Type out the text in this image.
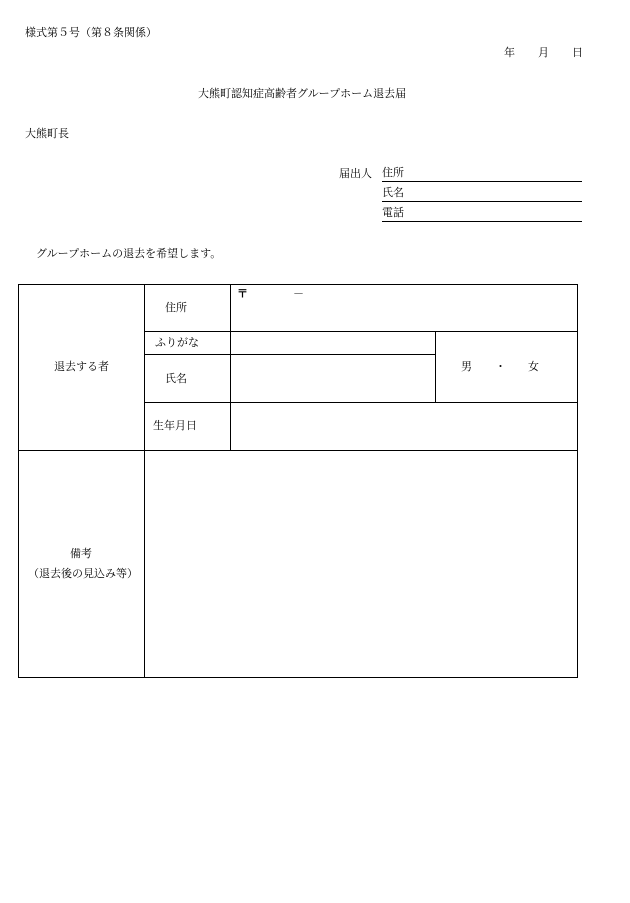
様式第５号（第８条関係）
年 月 日
大熊町認知症高齢者グループホーム退去届
大熊町長
届出人 住所
氏名
電話
グループホームの退去を希望します。
退去する者
住所
〒	－
ふりがな
氏名
男 ・ 女
生年月日
備考
（退去後の見込み等）
